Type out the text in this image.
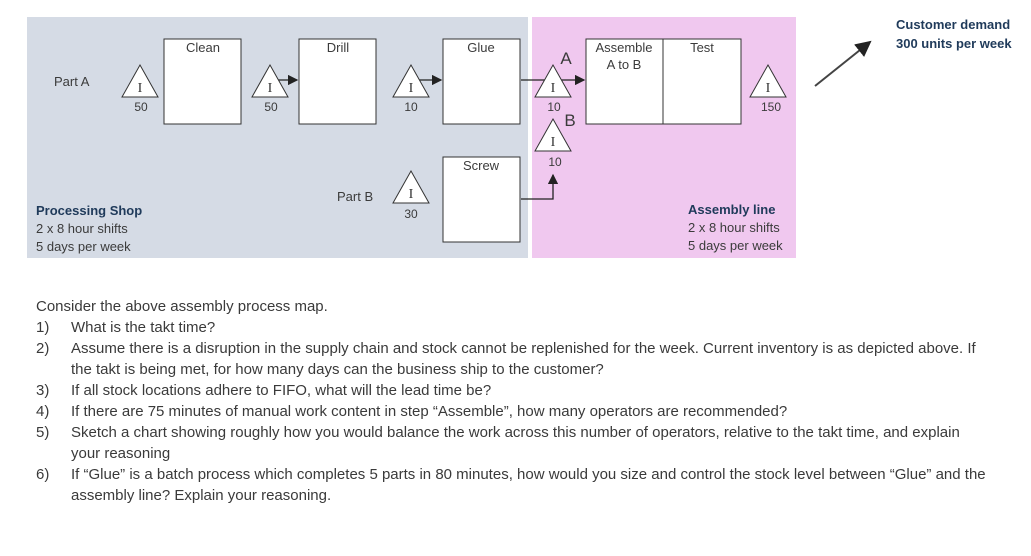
Clean	Drill	Glue
Screw
Assemble
A to B
Test
Part A
Part B
I	I	I	I
I
I
I
50	50	10	10
10
30
150
A
B
Customer demand
300 units per week
Processing Shop
2 x 8 hour shifts
5 days per week
Assembly line
2 x 8 hour shifts
5 days per week

Consider the above assembly process map.

1) What is the takt time?
2) Assume there is a disruption in the supply chain and stock cannot be replenished for the week. Current inventory is as depicted above. If the takt is being met, for how many days can the business ship to the customer?
3) If all stock locations adhere to FIFO, what will the lead time be?
4) If there are 75 minutes of manual work content in step “Assemble”, how many operators are recommended?
5) Sketch a chart showing roughly how you would balance the work across this number of operators, relative to the takt time, and explain your reasoning
6) If “Glue” is a batch process which completes 5 parts in 80 minutes, how would you size and control the stock level between “Glue” and the assembly line? Explain your reasoning.
